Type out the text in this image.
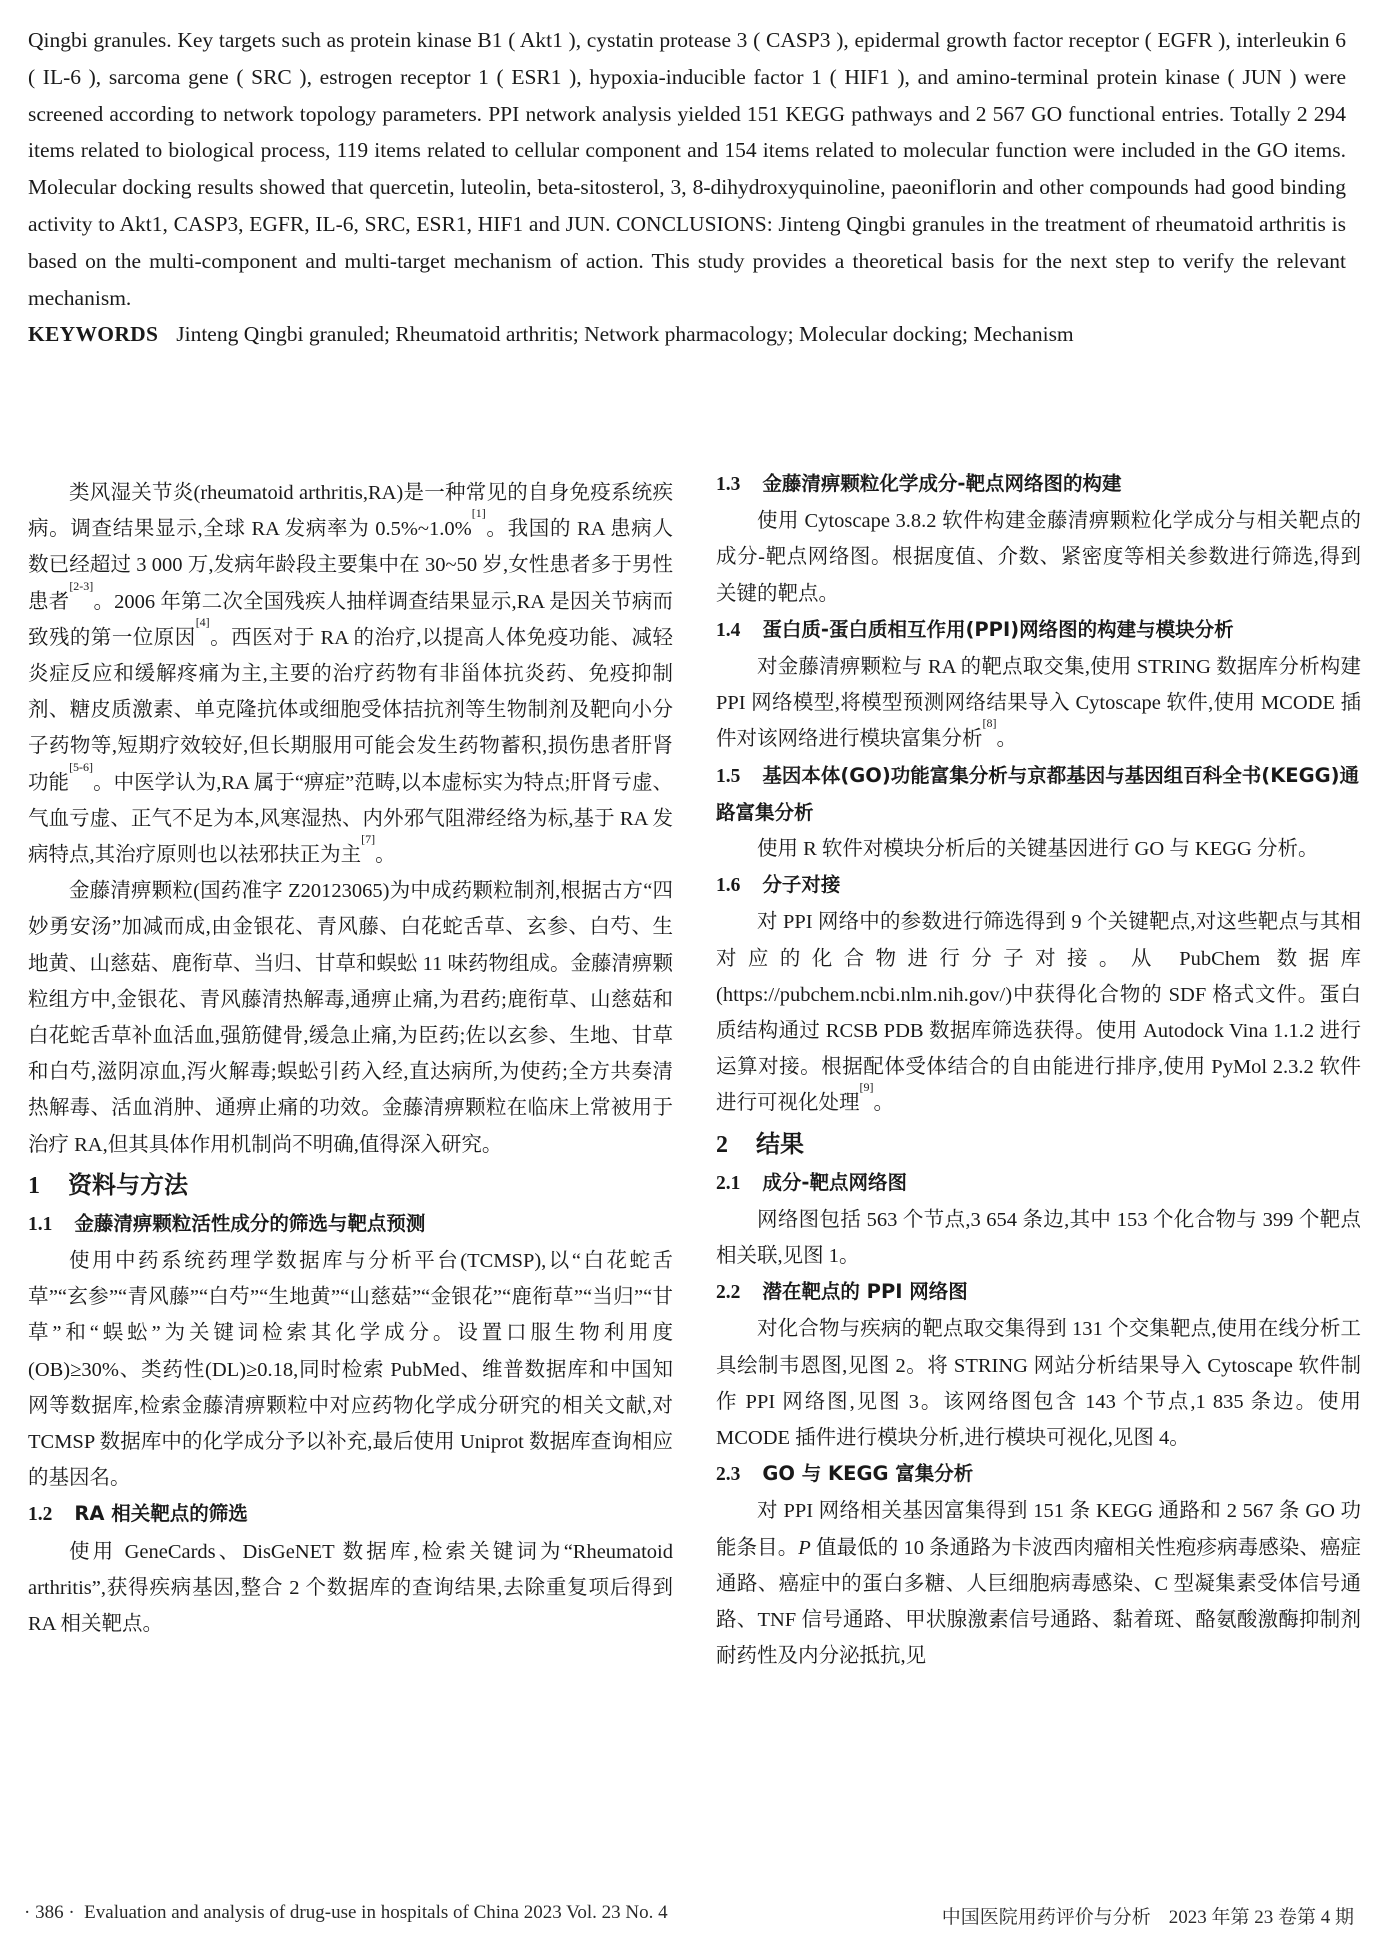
Qingbi granules. Key targets such as protein kinase B1 ( Akt1 ), cystatin protease 3 ( CASP3 ), epidermal growth factor receptor ( EGFR ), interleukin 6 ( IL-6 ), sarcoma gene ( SRC ), estrogen receptor 1 ( ESR1 ), hypoxia-inducible factor 1 ( HIF1 ), and amino-terminal protein kinase ( JUN ) were screened according to network topology parameters. PPI network analysis yielded 151 KEGG pathways and 2 567 GO functional entries. Totally 2 294 items related to biological process, 119 items related to cellular component and 154 items related to molecular function were included in the GO items. Molecular docking results showed that quercetin, luteolin, beta-sitosterol, 3, 8-dihydroxyquinoline, paeoniflorin and other compounds had good binding activity to Akt1, CASP3, EGFR, IL-6, SRC, ESR1, HIF1 and JUN. CONCLUSIONS: Jinteng Qingbi granules in the treatment of rheumatoid arthritis is based on the multi-component and multi-target mechanism of action. This study provides a theoretical basis for the next step to verify the relevant mechanism.

KEYWORDS Jinteng Qingbi granuled; Rheumatoid arthritis; Network pharmacology; Molecular docking; Mechanism

类风湿关节炎(rheumatoid arthritis,RA)是一种常见的自身免疫系统疾病。调查结果显示,全球 RA 发病率为 0.5%~1.0%[1]。我国的 RA 患病人数已经超过 3 000 万,发病年龄段主要集中在 30~50 岁,女性患者多于男性患者[2-3]。2006 年第二次全国残疾人抽样调查结果显示,RA 是因关节病而致残的第一位原因[4]。西医对于 RA 的治疗,以提高人体免疫功能、减轻炎症反应和缓解疼痛为主,主要的治疗药物有非甾体抗炎药、免疫抑制剂、糖皮质激素、单克隆抗体或细胞受体拮抗剂等生物制剂及靶向小分子药物等,短期疗效较好,但长期服用可能会发生药物蓄积,损伤患者肝肾功能[5-6]。中医学认为,RA 属于“痹症”范畴,以本虚标实为特点;肝肾亏虚、气血亏虚、正气不足为本,风寒湿热、内外邪气阻滞经络为标,基于 RA 发病特点,其治疗原则也以祛邪扶正为主[7]。

金藤清痹颗粒(国药准字 Z20123065)为中成药颗粒制剂,根据古方“四妙勇安汤”加减而成,由金银花、青风藤、白花蛇舌草、玄参、白芍、生地黄、山慈菇、鹿衔草、当归、甘草和蜈蚣 11 味药物组成。金藤清痹颗粒组方中,金银花、青风藤清热解毒,通痹止痛,为君药;鹿衔草、山慈菇和白花蛇舌草补血活血,强筋健骨,缓急止痛,为臣药;佐以玄参、生地、甘草和白芍,滋阴凉血,泻火解毒;蜈蚣引药入经,直达病所,为使药;全方共奏清热解毒、活血消肿、通痹止痛的功效。金藤清痹颗粒在临床上常被用于治疗 RA,但其具体作用机制尚不明确,值得深入研究。

1 资料与方法
1.1 金藤清痹颗粒活性成分的筛选与靶点预测

使用中药系统药理学数据库与分析平台(TCMSP),以“白花蛇舌草”“玄参”“青风藤”“白芍”“生地黄”“山慈菇”“金银花”“鹿衔草”“当归”“甘草”和“蜈蚣”为关键词检索其化学成分。设置口服生物利用度(OB)≥30%、类药性(DL)≥0.18,同时检索 PubMed、维普数据库和中国知网等数据库,检索金藤清痹颗粒中对应药物化学成分研究的相关文献,对 TCMSP 数据库中的化学成分予以补充,最后使用 Uniprot 数据库查询相应的基因名。

1.2 RA 相关靶点的筛选

使用 GeneCards、DisGeNET 数据库,检索关键词为“Rheumatoid arthritis”,获得疾病基因,整合 2 个数据库的查询结果,去除重复项后得到 RA 相关靶点。

1.3 金藤清痹颗粒化学成分-靶点网络图的构建

使用 Cytoscape 3.8.2 软件构建金藤清痹颗粒化学成分与相关靶点的成分-靶点网络图。根据度值、介数、紧密度等相关参数进行筛选,得到关键的靶点。

1.4 蛋白质-蛋白质相互作用(PPI)网络图的构建与模块分析

对金藤清痹颗粒与 RA 的靶点取交集,使用 STRING 数据库分析构建 PPI 网络模型,将模型预测网络结果导入 Cytoscape 软件,使用 MCODE 插件对该网络进行模块富集分析[8]。

1.5 基因本体(GO)功能富集分析与京都基因与基因组百科全书(KEGG)通路富集分析

使用 R 软件对模块分析后的关键基因进行 GO 与 KEGG 分析。

1.6 分子对接

对 PPI 网络中的参数进行筛选得到 9 个关键靶点,对这些靶点与其相对应的化合物进行分子对接。从 PubChem 数据库(https://pubchem.ncbi.nlm.nih.gov/)中获得化合物的 SDF 格式文件。蛋白质结构通过 RCSB PDB 数据库筛选获得。使用 Autodock Vina 1.1.2 进行运算对接。根据配体受体结合的自由能进行排序,使用 PyMol 2.3.2 软件进行可视化处理[9]。

2 结果
2.1 成分-靶点网络图

网络图包括 563 个节点,3 654 条边,其中 153 个化合物与 399 个靶点相关联,见图 1。

2.2 潜在靶点的 PPI 网络图

对化合物与疾病的靶点取交集得到 131 个交集靶点,使用在线分析工具绘制韦恩图,见图 2。将 STRING 网站分析结果导入 Cytoscape 软件制作 PPI 网络图,见图 3。该网络图包含 143 个节点,1 835 条边。使用 MCODE 插件进行模块分析,进行模块可视化,见图 4。

2.3 GO 与 KEGG 富集分析

对 PPI 网络相关基因富集得到 151 条 KEGG 通路和 2 567 条 GO 功能条目。P 值最低的 10 条通路为卡波西肉瘤相关性疱疹病毒感染、癌症通路、癌症中的蛋白多糖、人巨细胞病毒感染、C 型凝集素受体信号通路、TNF 信号通路、甲状腺激素信号通路、黏着斑、酪氨酸激酶抑制剂耐药性及内分泌抵抗,见

· 386 · Evaluation and analysis of drug-use in hospitals of China 2023 Vol. 23 No. 4	中国医院用药评价与分析 2023 年第 23 卷第 4 期
